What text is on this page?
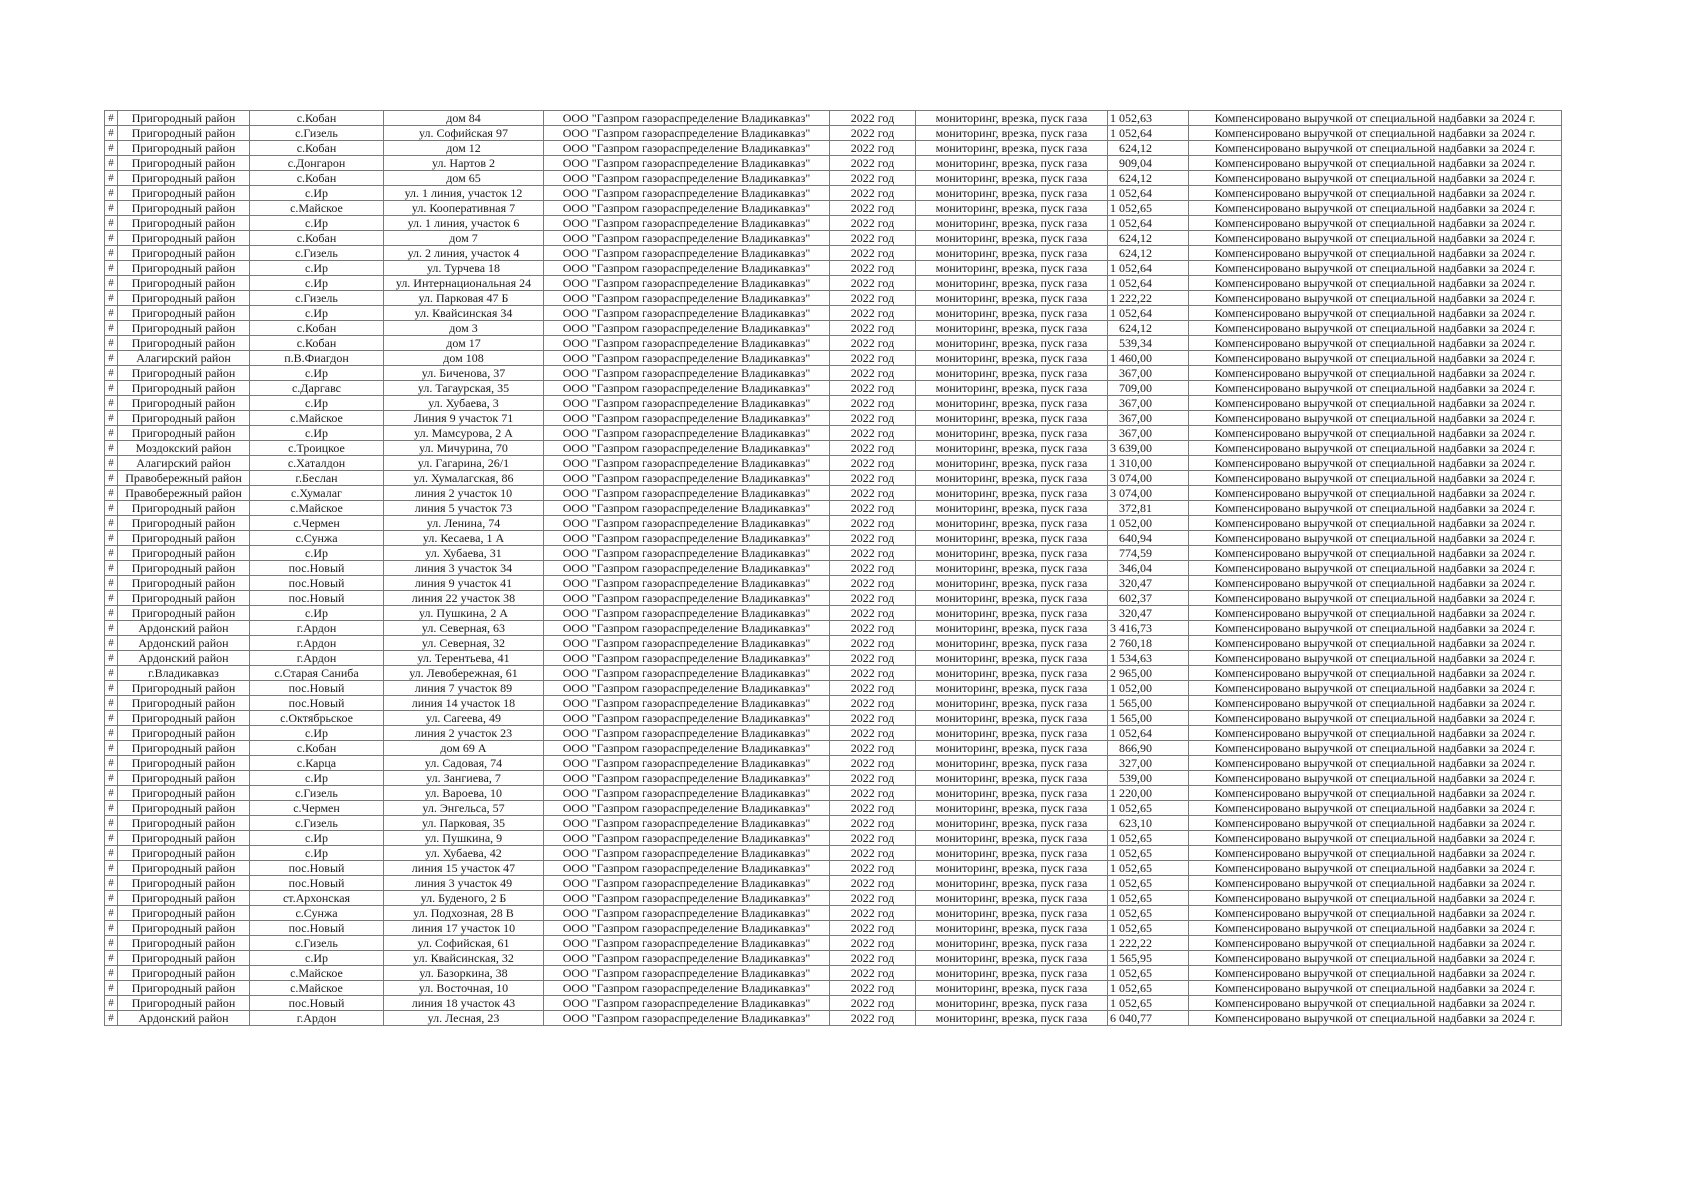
#	Пригородный район	с.Кобан	дом 84	ООО "Газпром газораспределение Владикавказ"	2022 год	мониторинг, врезка, пуск газа	1 052,63	Компенсировано выручкой от специальной надбавки за 2024 г.
#	Пригородный район	с.Гизель	ул. Софийская 97	ООО "Газпром газораспределение Владикавказ"	2022 год	мониторинг, врезка, пуск газа	1 052,64	Компенсировано выручкой от специальной надбавки за 2024 г.
#	Пригородный район	с.Кобан	дом 12	ООО "Газпром газораспределение Владикавказ"	2022 год	мониторинг, врезка, пуск газа	624,12	Компенсировано выручкой от специальной надбавки за 2024 г.
#	Пригородный район	с.Донгарон	ул. Нартов 2	ООО "Газпром газораспределение Владикавказ"	2022 год	мониторинг, врезка, пуск газа	909,04	Компенсировано выручкой от специальной надбавки за 2024 г.
#	Пригородный район	с.Кобан	дом 65	ООО "Газпром газораспределение Владикавказ"	2022 год	мониторинг, врезка, пуск газа	624,12	Компенсировано выручкой от специальной надбавки за 2024 г.
#	Пригородный район	с.Ир	ул. 1 линия, участок 12	ООО "Газпром газораспределение Владикавказ"	2022 год	мониторинг, врезка, пуск газа	1 052,64	Компенсировано выручкой от специальной надбавки за 2024 г.
#	Пригородный район	с.Майское	ул. Кооперативная 7	ООО "Газпром газораспределение Владикавказ"	2022 год	мониторинг, врезка, пуск газа	1 052,65	Компенсировано выручкой от специальной надбавки за 2024 г.
#	Пригородный район	с.Ир	ул. 1 линия, участок 6	ООО "Газпром газораспределение Владикавказ"	2022 год	мониторинг, врезка, пуск газа	1 052,64	Компенсировано выручкой от специальной надбавки за 2024 г.
#	Пригородный район	с.Кобан	дом 7	ООО "Газпром газораспределение Владикавказ"	2022 год	мониторинг, врезка, пуск газа	624,12	Компенсировано выручкой от специальной надбавки за 2024 г.
#	Пригородный район	с.Гизель	ул. 2 линия, участок 4	ООО "Газпром газораспределение Владикавказ"	2022 год	мониторинг, врезка, пуск газа	624,12	Компенсировано выручкой от специальной надбавки за 2024 г.
#	Пригородный район	с.Ир	ул. Турчева 18	ООО "Газпром газораспределение Владикавказ"	2022 год	мониторинг, врезка, пуск газа	1 052,64	Компенсировано выручкой от специальной надбавки за 2024 г.
#	Пригородный район	с.Ир	ул. Интернациональная 24	ООО "Газпром газораспределение Владикавказ"	2022 год	мониторинг, врезка, пуск газа	1 052,64	Компенсировано выручкой от специальной надбавки за 2024 г.
#	Пригородный район	с.Гизель	ул. Парковая 47 Б	ООО "Газпром газораспределение Владикавказ"	2022 год	мониторинг, врезка, пуск газа	1 222,22	Компенсировано выручкой от специальной надбавки за 2024 г.
#	Пригородный район	с.Ир	ул. Квайсинская 34	ООО "Газпром газораспределение Владикавказ"	2022 год	мониторинг, врезка, пуск газа	1 052,64	Компенсировано выручкой от специальной надбавки за 2024 г.
#	Пригородный район	с.Кобан	дом 3	ООО "Газпром газораспределение Владикавказ"	2022 год	мониторинг, врезка, пуск газа	624,12	Компенсировано выручкой от специальной надбавки за 2024 г.
#	Пригородный район	с.Кобан	дом 17	ООО "Газпром газораспределение Владикавказ"	2022 год	мониторинг, врезка, пуск газа	539,34	Компенсировано выручкой от специальной надбавки за 2024 г.
#	Алагирский район	п.В.Фиагдон	дом 108	ООО "Газпром газораспределение Владикавказ"	2022 год	мониторинг, врезка, пуск газа	1 460,00	Компенсировано выручкой от специальной надбавки за 2024 г.
#	Пригородный район	с.Ир	ул. Биченова, 37	ООО "Газпром газораспределение Владикавказ"	2022 год	мониторинг, врезка, пуск газа	367,00	Компенсировано выручкой от специальной надбавки за 2024 г.
#	Пригородный район	с.Даргавс	ул. Тагаурская, 35	ООО "Газпром газораспределение Владикавказ"	2022 год	мониторинг, врезка, пуск газа	709,00	Компенсировано выручкой от специальной надбавки за 2024 г.
#	Пригородный район	с.Ир	ул. Хубаева, 3	ООО "Газпром газораспределение Владикавказ"	2022 год	мониторинг, врезка, пуск газа	367,00	Компенсировано выручкой от специальной надбавки за 2024 г.
#	Пригородный район	с.Майское	Линия 9 участок 71	ООО "Газпром газораспределение Владикавказ"	2022 год	мониторинг, врезка, пуск газа	367,00	Компенсировано выручкой от специальной надбавки за 2024 г.
#	Пригородный район	с.Ир	ул. Мамсурова, 2 А	ООО "Газпром газораспределение Владикавказ"	2022 год	мониторинг, врезка, пуск газа	367,00	Компенсировано выручкой от специальной надбавки за 2024 г.
#	Моздокский район	с.Троицкое	ул. Мичурина, 70	ООО "Газпром газораспределение Владикавказ"	2022 год	мониторинг, врезка, пуск газа	3 639,00	Компенсировано выручкой от специальной надбавки за 2024 г.
#	Алагирский район	с.Хаталдон	ул. Гагарина, 26/1	ООО "Газпром газораспределение Владикавказ"	2022 год	мониторинг, врезка, пуск газа	1 310,00	Компенсировано выручкой от специальной надбавки за 2024 г.
#	Правобережный район	г.Беслан	ул. Хумалагская, 86	ООО "Газпром газораспределение Владикавказ"	2022 год	мониторинг, врезка, пуск газа	3 074,00	Компенсировано выручкой от специальной надбавки за 2024 г.
#	Правобережный район	с.Хумалаг	линия 2 участок 10	ООО "Газпром газораспределение Владикавказ"	2022 год	мониторинг, врезка, пуск газа	3 074,00	Компенсировано выручкой от специальной надбавки за 2024 г.
#	Пригородный район	с.Майское	линия 5 участок 73	ООО "Газпром газораспределение Владикавказ"	2022 год	мониторинг, врезка, пуск газа	372,81	Компенсировано выручкой от специальной надбавки за 2024 г.
#	Пригородный район	с.Чермен	ул. Ленина, 74	ООО "Газпром газораспределение Владикавказ"	2022 год	мониторинг, врезка, пуск газа	1 052,00	Компенсировано выручкой от специальной надбавки за 2024 г.
#	Пригородный район	с.Сунжа	ул. Кесаева, 1 А	ООО "Газпром газораспределение Владикавказ"	2022 год	мониторинг, врезка, пуск газа	640,94	Компенсировано выручкой от специальной надбавки за 2024 г.
#	Пригородный район	с.Ир	ул. Хубаева, 31	ООО "Газпром газораспределение Владикавказ"	2022 год	мониторинг, врезка, пуск газа	774,59	Компенсировано выручкой от специальной надбавки за 2024 г.
#	Пригородный район	пос.Новый	линия 3 участок 34	ООО "Газпром газораспределение Владикавказ"	2022 год	мониторинг, врезка, пуск газа	346,04	Компенсировано выручкой от специальной надбавки за 2024 г.
#	Пригородный район	пос.Новый	линия 9 участок 41	ООО "Газпром газораспределение Владикавказ"	2022 год	мониторинг, врезка, пуск газа	320,47	Компенсировано выручкой от специальной надбавки за 2024 г.
#	Пригородный район	пос.Новый	линия 22 участок 38	ООО "Газпром газораспределение Владикавказ"	2022 год	мониторинг, врезка, пуск газа	602,37	Компенсировано выручкой от специальной надбавки за 2024 г.
#	Пригородный район	с.Ир	ул. Пушкина, 2 А	ООО "Газпром газораспределение Владикавказ"	2022 год	мониторинг, врезка, пуск газа	320,47	Компенсировано выручкой от специальной надбавки за 2024 г.
#	Ардонский район	г.Ардон	ул. Северная, 63	ООО "Газпром газораспределение Владикавказ"	2022 год	мониторинг, врезка, пуск газа	3 416,73	Компенсировано выручкой от специальной надбавки за 2024 г.
#	Ардонский район	г.Ардон	ул. Северная, 32	ООО "Газпром газораспределение Владикавказ"	2022 год	мониторинг, врезка, пуск газа	2 760,18	Компенсировано выручкой от специальной надбавки за 2024 г.
#	Ардонский район	г.Ардон	ул. Терентьева, 41	ООО "Газпром газораспределение Владикавказ"	2022 год	мониторинг, врезка, пуск газа	1 534,63	Компенсировано выручкой от специальной надбавки за 2024 г.
#	г.Владикавказ	с.Старая Саниба	ул. Левобережная, 61	ООО "Газпром газораспределение Владикавказ"	2022 год	мониторинг, врезка, пуск газа	2 965,00	Компенсировано выручкой от специальной надбавки за 2024 г.
#	Пригородный район	пос.Новый	линия 7 участок 89	ООО "Газпром газораспределение Владикавказ"	2022 год	мониторинг, врезка, пуск газа	1 052,00	Компенсировано выручкой от специальной надбавки за 2024 г.
#	Пригородный район	пос.Новый	линия 14 участок 18	ООО "Газпром газораспределение Владикавказ"	2022 год	мониторинг, врезка, пуск газа	1 565,00	Компенсировано выручкой от специальной надбавки за 2024 г.
#	Пригородный район	с.Октябрьское	ул. Сагеева, 49	ООО "Газпром газораспределение Владикавказ"	2022 год	мониторинг, врезка, пуск газа	1 565,00	Компенсировано выручкой от специальной надбавки за 2024 г.
#	Пригородный район	с.Ир	линия 2 участок 23	ООО "Газпром газораспределение Владикавказ"	2022 год	мониторинг, врезка, пуск газа	1 052,64	Компенсировано выручкой от специальной надбавки за 2024 г.
#	Пригородный район	с.Кобан	дом 69 А	ООО "Газпром газораспределение Владикавказ"	2022 год	мониторинг, врезка, пуск газа	866,90	Компенсировано выручкой от специальной надбавки за 2024 г.
#	Пригородный район	с.Карца	ул. Садовая, 74	ООО "Газпром газораспределение Владикавказ"	2022 год	мониторинг, врезка, пуск газа	327,00	Компенсировано выручкой от специальной надбавки за 2024 г.
#	Пригородный район	с.Ир	ул. Зангиева, 7	ООО "Газпром газораспределение Владикавказ"	2022 год	мониторинг, врезка, пуск газа	539,00	Компенсировано выручкой от специальной надбавки за 2024 г.
#	Пригородный район	с.Гизель	ул. Вароева, 10	ООО "Газпром газораспределение Владикавказ"	2022 год	мониторинг, врезка, пуск газа	1 220,00	Компенсировано выручкой от специальной надбавки за 2024 г.
#	Пригородный район	с.Чермен	ул. Энгельса, 57	ООО "Газпром газораспределение Владикавказ"	2022 год	мониторинг, врезка, пуск газа	1 052,65	Компенсировано выручкой от специальной надбавки за 2024 г.
#	Пригородный район	с.Гизель	ул. Парковая, 35	ООО "Газпром газораспределение Владикавказ"	2022 год	мониторинг, врезка, пуск газа	623,10	Компенсировано выручкой от специальной надбавки за 2024 г.
#	Пригородный район	с.Ир	ул. Пушкина, 9	ООО "Газпром газораспределение Владикавказ"	2022 год	мониторинг, врезка, пуск газа	1 052,65	Компенсировано выручкой от специальной надбавки за 2024 г.
#	Пригородный район	с.Ир	ул. Хубаева, 42	ООО "Газпром газораспределение Владикавказ"	2022 год	мониторинг, врезка, пуск газа	1 052,65	Компенсировано выручкой от специальной надбавки за 2024 г.
#	Пригородный район	пос.Новый	линия 15 участок 47	ООО "Газпром газораспределение Владикавказ"	2022 год	мониторинг, врезка, пуск газа	1 052,65	Компенсировано выручкой от специальной надбавки за 2024 г.
#	Пригородный район	пос.Новый	линия 3 участок 49	ООО "Газпром газораспределение Владикавказ"	2022 год	мониторинг, врезка, пуск газа	1 052,65	Компенсировано выручкой от специальной надбавки за 2024 г.
#	Пригородный район	ст.Архонская	ул. Буденого, 2 Б	ООО "Газпром газораспределение Владикавказ"	2022 год	мониторинг, врезка, пуск газа	1 052,65	Компенсировано выручкой от специальной надбавки за 2024 г.
#	Пригородный район	с.Сунжа	ул. Подхозная, 28 В	ООО "Газпром газораспределение Владикавказ"	2022 год	мониторинг, врезка, пуск газа	1 052,65	Компенсировано выручкой от специальной надбавки за 2024 г.
#	Пригородный район	пос.Новый	линия 17 участок 10	ООО "Газпром газораспределение Владикавказ"	2022 год	мониторинг, врезка, пуск газа	1 052,65	Компенсировано выручкой от специальной надбавки за 2024 г.
#	Пригородный район	с.Гизель	ул. Софийская, 61	ООО "Газпром газораспределение Владикавказ"	2022 год	мониторинг, врезка, пуск газа	1 222,22	Компенсировано выручкой от специальной надбавки за 2024 г.
#	Пригородный район	с.Ир	ул. Квайсинская, 32	ООО "Газпром газораспределение Владикавказ"	2022 год	мониторинг, врезка, пуск газа	1 565,95	Компенсировано выручкой от специальной надбавки за 2024 г.
#	Пригородный район	с.Майское	ул. Базоркина, 38	ООО "Газпром газораспределение Владикавказ"	2022 год	мониторинг, врезка, пуск газа	1 052,65	Компенсировано выручкой от специальной надбавки за 2024 г.
#	Пригородный район	с.Майское	ул. Восточная, 10	ООО "Газпром газораспределение Владикавказ"	2022 год	мониторинг, врезка, пуск газа	1 052,65	Компенсировано выручкой от специальной надбавки за 2024 г.
#	Пригородный район	пос.Новый	линия 18 участок 43	ООО "Газпром газораспределение Владикавказ"	2022 год	мониторинг, врезка, пуск газа	1 052,65	Компенсировано выручкой от специальной надбавки за 2024 г.
#	Ардонский район	г.Ардон	ул. Лесная, 23	ООО "Газпром газораспределение Владикавказ"	2022 год	мониторинг, врезка, пуск газа	6 040,77	Компенсировано выручкой от специальной надбавки за 2024 г.
